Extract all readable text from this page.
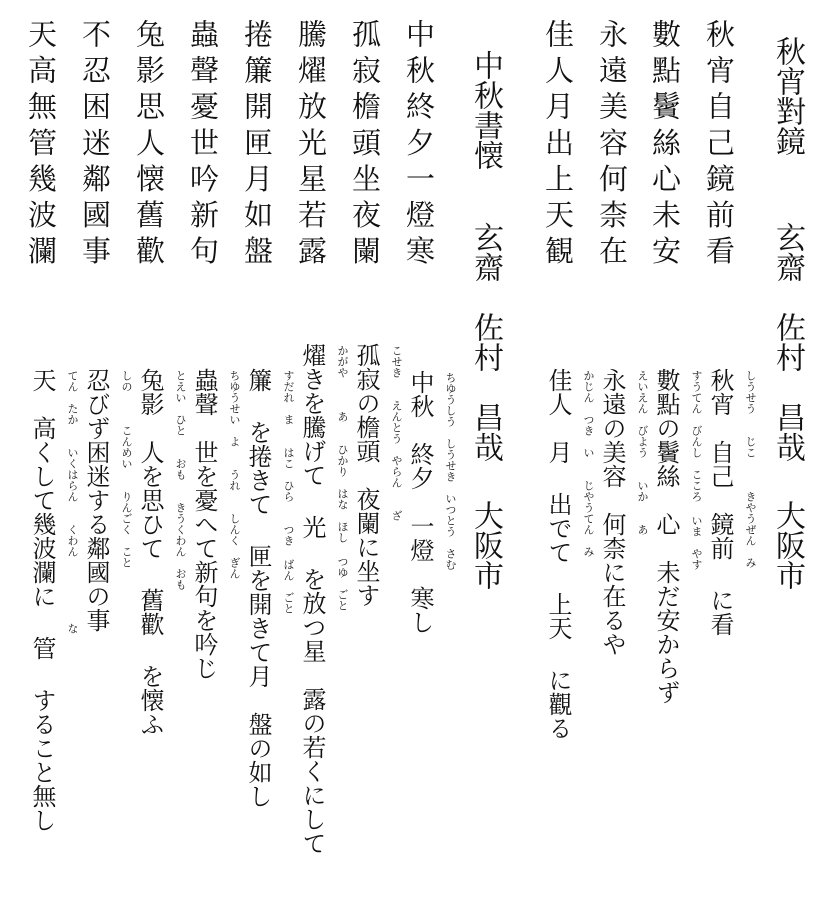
秋宵對鏡
玄齋　佐村　昌哉
大阪市
秋宵自己鏡前看
數點鬢絲心未安
永遠美容何柰在
佳人月出上天観
しうせう　　じこ　　　きやうぜん　み
秋宵　自己　鏡前 に看
すうてん　びんし　こころ いま　やす
數點の鬢絲　心　未だ安からず
えいえん　びよう　　いか　　あ
永遠の美容　何柰に在るや
かじん　つき　い　　じやうてん　み
佳人　月 出でて 上天 に觀る
中秋書懐
玄齋　佐村　昌哉
大阪市
中秋終夕一燈寒
孤寂檐頭坐夜闌
騰燿放光星若露
捲簾開匣月如盤
蟲聲憂世吟新句
兔影思人懐舊歡
不忍困迷鄰國事
天高無管幾波瀾
ちゆうしう　しうせき　いつとう　さむ
中秋　終夕　一燈　寒し
こせき　　えんとう　やらん　　ざ
孤寂の檐頭　夜闌に坐す
かがや　　　あ　　ひかり　はな　ほし つゆ　ごと
燿きを騰げて 光 を放つ星　露の若くにして
すだれ　ま　　はこ　ひら　　つき ばん　ごと
簾 を捲きて 匣を開きて月　盤の如し
ちゆうせい　よ　　うれ　　しんく　ぎん
蟲聲　世を憂へて新句を吟じ
とえい　ひと　　おも　　きうくわん　おも
兔影　人を思ひて 舊歡 を懐ふ
しの　　　こんめい　　りんごく　こと
忍びず困迷する鄰國の事
てん　たか　　いくはらん　　くわん　　　　　　な
天　高くして幾波瀾に 管 すること無し
